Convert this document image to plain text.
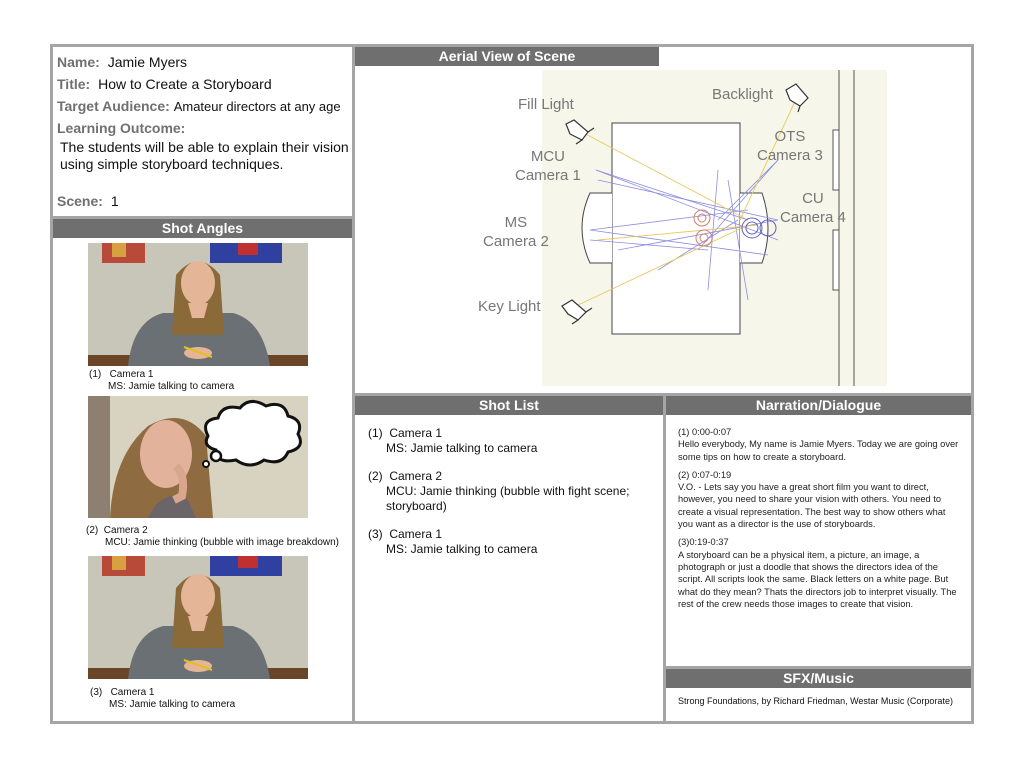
Aerial View of Scene
Shot Angles
Shot List	Narration/Dialogue
SFX/Music
Name: Jamie Myers
Title: How to Create a Storyboard
Target Audience: Amateur directors at any age
Learning Outcome:
The students will be able to explain their vision using simple storyboard techniques.
Scene: 1
(1) Camera 1
MS: Jamie talking to camera
(2) Camera 2
MCU: Jamie thinking (bubble with image breakdown)
(3) Camera 1
MS: Jamie talking to camera
Fill Light
Backlight
MCU
Camera 1
OTS
Camera 3
CU
Camera 4
MS
Camera 2
Key Light
(1) Camera 1
MS: Jamie talking to camera
(2) Camera 2
MCU: Jamie thinking (bubble with fight scene; storyboard)
(3) Camera 1
MS: Jamie talking to camera
(1) 0:00-0:07
Hello everybody, My name is Jamie Myers. Today we are going over some tips on how to create a storyboard.
(2) 0:07-0:19
V.O. - Lets say you have a great short film you want to direct, however, you need to share your vision with others. You need to create a visual representation. The best way to show others what you want as a director is the use of storyboards.
(3)0:19-0:37
A storyboard can be a physical item, a picture, an image, a photograph or just a doodle that shows the directors idea of the script. All scripts look the same. Black letters on a white page. But what do they mean? Thats the directors job to interpret visually. The rest of the crew needs those images to create that vision.
Strong Foundations, by Richard Friedman, Westar Music (Corporate)
